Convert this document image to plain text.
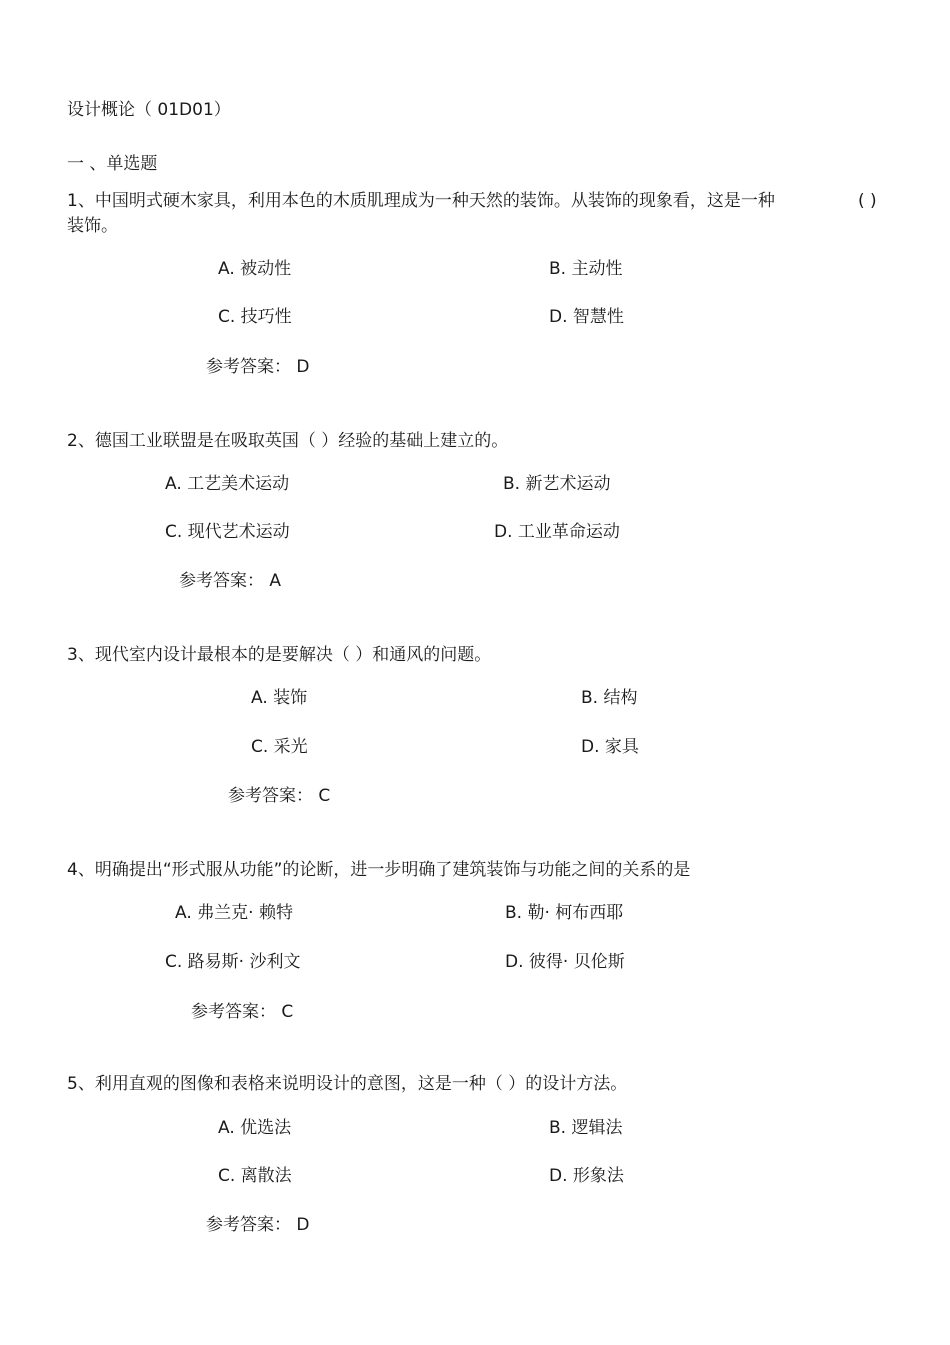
设计概论（ 01D01）
一 、单选题
1、中国明式硬木家具，利用本色的木质肌理成为一种天然的装饰。从装饰的现象看，这是一种	( )
装饰。
A. 被动性	B. 主动性
C. 技巧性	D. 智慧性
参考答案： D
2、德国工业联盟是在吸取英国（ ）经验的基础上建立的。
A. 工艺美术运动	B. 新艺术运动
C. 现代艺术运动	D. 工业革命运动
参考答案： A
3、现代室内设计最根本的是要解决（ ）和通风的问题。
A. 装饰	B. 结构
C. 采光	D. 家具
参考答案： C
4、明确提出“形式服从功能”的论断，进一步明确了建筑装饰与功能之间的关系的是
A. 弗兰克· 赖特	B. 勒· 柯布西耶
C. 路易斯· 沙利文	D. 彼得· 贝伦斯
参考答案： C
5、利用直观的图像和表格来说明设计的意图，这是一种（ ）的设计方法。
A. 优选法	B. 逻辑法
C. 离散法	D. 形象法
参考答案： D
